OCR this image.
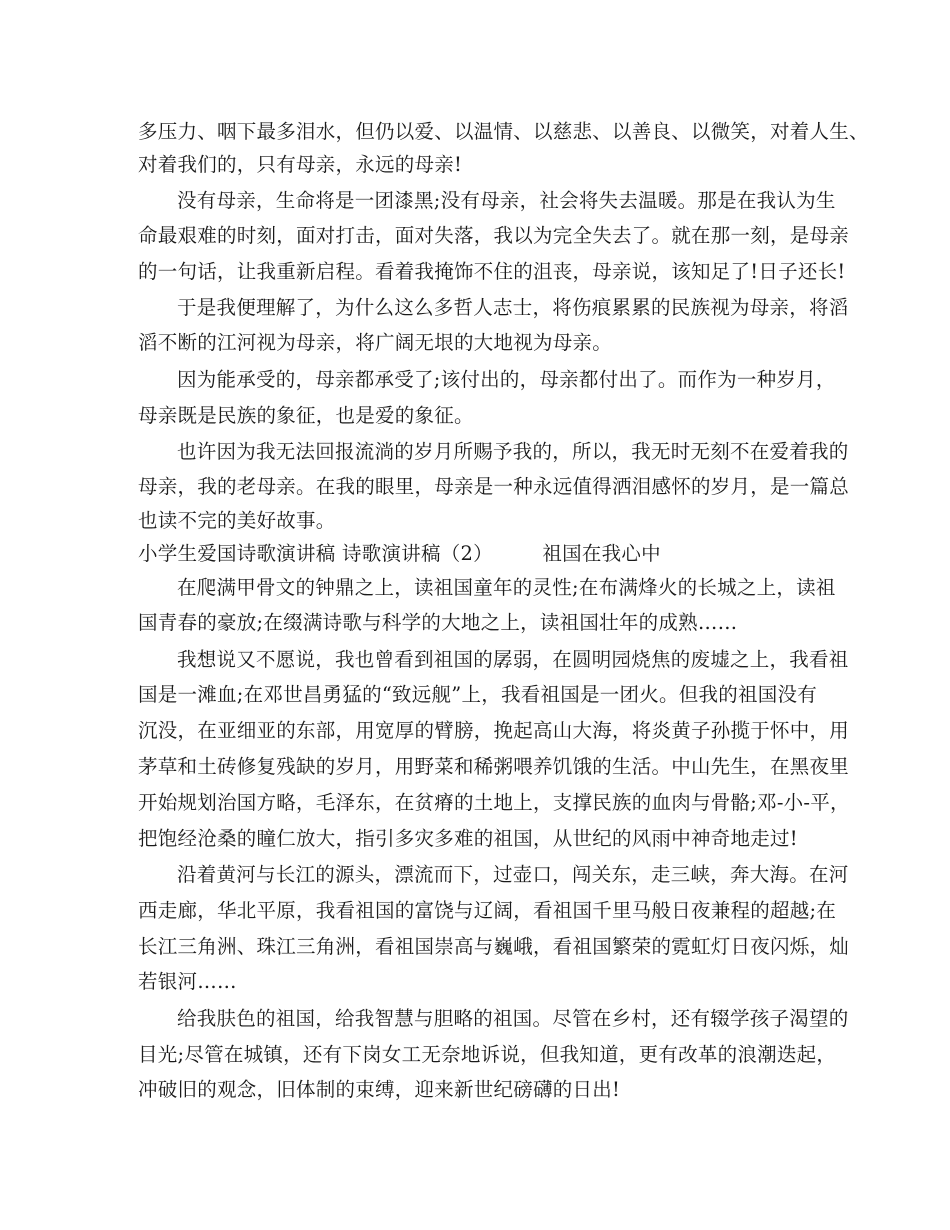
多压力、咽下最多泪水，但仍以爱、以温情、以慈悲、以善良、以微笑，对着人生、
对着我们的，只有母亲，永远的母亲!
没有母亲，生命将是一团漆黑;没有母亲，社会将失去温暖。那是在我认为生
命最艰难的时刻，面对打击，面对失落，我以为完全失去了。就在那一刻，是母亲
的一句话，让我重新启程。看着我掩饰不住的沮丧，母亲说，该知足了!日子还长!
于是我便理解了，为什么这么多哲人志士，将伤痕累累的民族视为母亲，将滔
滔不断的江河视为母亲，将广阔无垠的大地视为母亲。
因为能承受的，母亲都承受了;该付出的，母亲都付出了。而作为一种岁月，
母亲既是民族的象征，也是爱的象征。
也许因为我无法回报流淌的岁月所赐予我的，所以，我无时无刻不在爱着我的
母亲，我的老母亲。在我的眼里，母亲是一种永远值得洒泪感怀的岁月，是一篇总
也读不完的美好故事。
小学生爱国诗歌演讲稿 诗歌演讲稿（2）　　　祖国在我心中
在爬满甲骨文的钟鼎之上，读祖国童年的灵性;在布满烽火的长城之上，读祖
国青春的豪放;在缀满诗歌与科学的大地之上，读祖国壮年的成熟……
我想说又不愿说，我也曾看到祖国的孱弱，在圆明园烧焦的废墟之上，我看祖
国是一滩血;在邓世昌勇猛的“致远舰”上，我看祖国是一团火。但我的祖国没有
沉没，在亚细亚的东部，用宽厚的臂膀，挽起高山大海，将炎黄子孙揽于怀中，用
茅草和土砖修复残缺的岁月，用野菜和稀粥喂养饥饿的生活。中山先生，在黑夜里
开始规划治国方略，毛泽东，在贫瘠的土地上，支撑民族的血肉与骨骼;邓-小-平，
把饱经沧桑的瞳仁放大，指引多灾多难的祖国，从世纪的风雨中神奇地走过!
沿着黄河与长江的源头，漂流而下，过壶口，闯关东，走三峡，奔大海。在河
西走廊，华北平原，我看祖国的富饶与辽阔，看祖国千里马般日夜兼程的超越;在
长江三角洲、珠江三角洲，看祖国崇高与巍峨，看祖国繁荣的霓虹灯日夜闪烁，灿
若银河……
给我肤色的祖国，给我智慧与胆略的祖国。尽管在乡村，还有辍学孩子渴望的
目光;尽管在城镇，还有下岗女工无奈地诉说，但我知道，更有改革的浪潮迭起，
冲破旧的观念，旧体制的束缚，迎来新世纪磅礴的日出!
